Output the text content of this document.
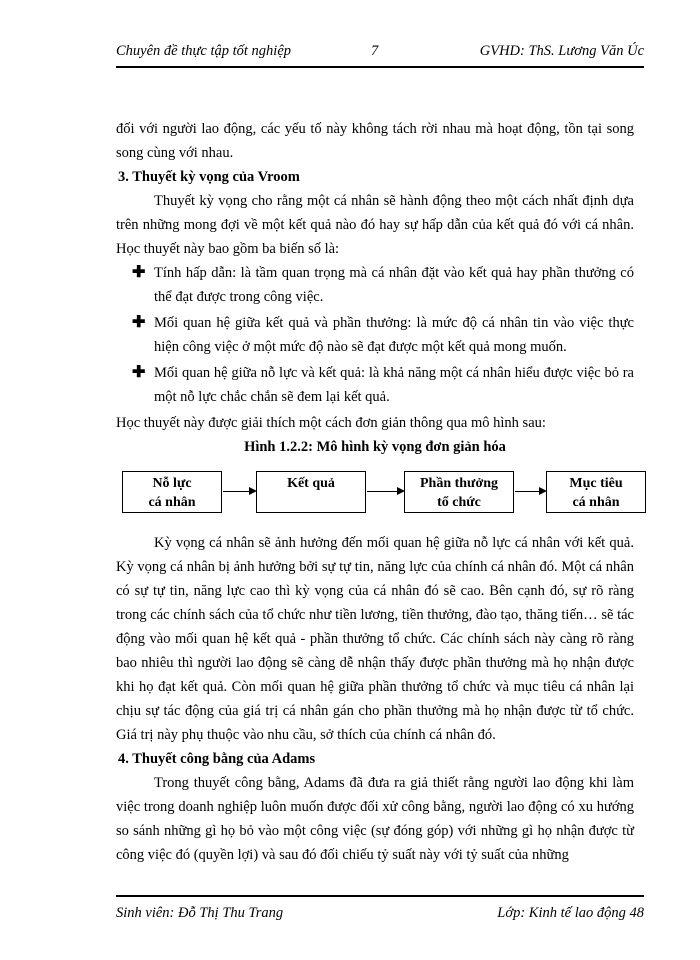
Chuyên đề thực tập tốt nghiệp	7	GVHD: ThS. Lương Văn Úc

đối với người lao động, các yếu tố này không tách rời nhau mà hoạt động, tồn tại song song cùng với nhau.

3. Thuyết kỳ vọng của Vroom

Thuyết kỳ vọng cho rằng một cá nhân sẽ hành động theo một cách nhất định dựa trên những mong đợi về một kết quả nào đó hay sự hấp dẫn của kết quả đó với cá nhân. Học thuyết này bao gồm ba biến số là:

✚ Tính hấp dẫn: là tầm quan trọng mà cá nhân đặt vào kết quả hay phần thưởng có thể đạt được trong công việc.
✚ Mối quan hệ giữa kết quả và phần thưởng: là mức độ cá nhân tin vào việc thực hiện công việc ở một mức độ nào sẽ đạt được một kết quả mong muốn.
✚ Mối quan hệ giữa nỗ lực và kết quả: là khả năng một cá nhân hiểu được việc bỏ ra một nỗ lực chắc chắn sẽ đem lại kết quả.

Học thuyết này được giải thích một cách đơn giản thông qua mô hình sau:

Hình 1.2.2: Mô hình kỳ vọng đơn giản hóa

Nỗ lực
cá nhân
Kết quả	Phần thưởng
tổ chức
Mục tiêu
cá nhân

Kỳ vọng cá nhân sẽ ảnh hưởng đến mối quan hệ giữa nỗ lực cá nhân với kết quả. Kỳ vọng cá nhân bị ảnh hưởng bởi sự tự tin, năng lực của chính cá nhân đó. Một cá nhân có sự tự tin, năng lực cao thì kỳ vọng của cá nhân đó sẽ cao. Bên cạnh đó, sự rõ ràng trong các chính sách của tổ chức như tiền lương, tiền thưởng, đào tạo, thăng tiến… sẽ tác động vào mối quan hệ kết quả - phần thưởng tổ chức. Các chính sách này càng rõ ràng bao nhiêu thì người lao động sẽ càng dễ nhận thấy được phần thưởng mà họ nhận được khi họ đạt kết quả. Còn mối quan hệ giữa phần thưởng tổ chức và mục tiêu cá nhân lại chịu sự tác động của giá trị cá nhân gán cho phần thưởng mà họ nhận được từ tổ chức. Giá trị này phụ thuộc vào nhu cầu, sở thích của chính cá nhân đó.

4. Thuyết công bằng của Adams

Trong thuyết công bằng, Adams đã đưa ra giả thiết rằng người lao động khi làm việc trong doanh nghiệp luôn muốn được đối xử công bằng, người lao động có xu hướng so sánh những gì họ bỏ vào một công việc (sự đóng góp) với những gì họ nhận được từ công việc đó (quyền lợi) và sau đó đối chiếu tỷ suất này với tỷ suất của những

Sinh viên: Đỗ Thị Thu Trang	Lớp: Kinh tế lao động 48
